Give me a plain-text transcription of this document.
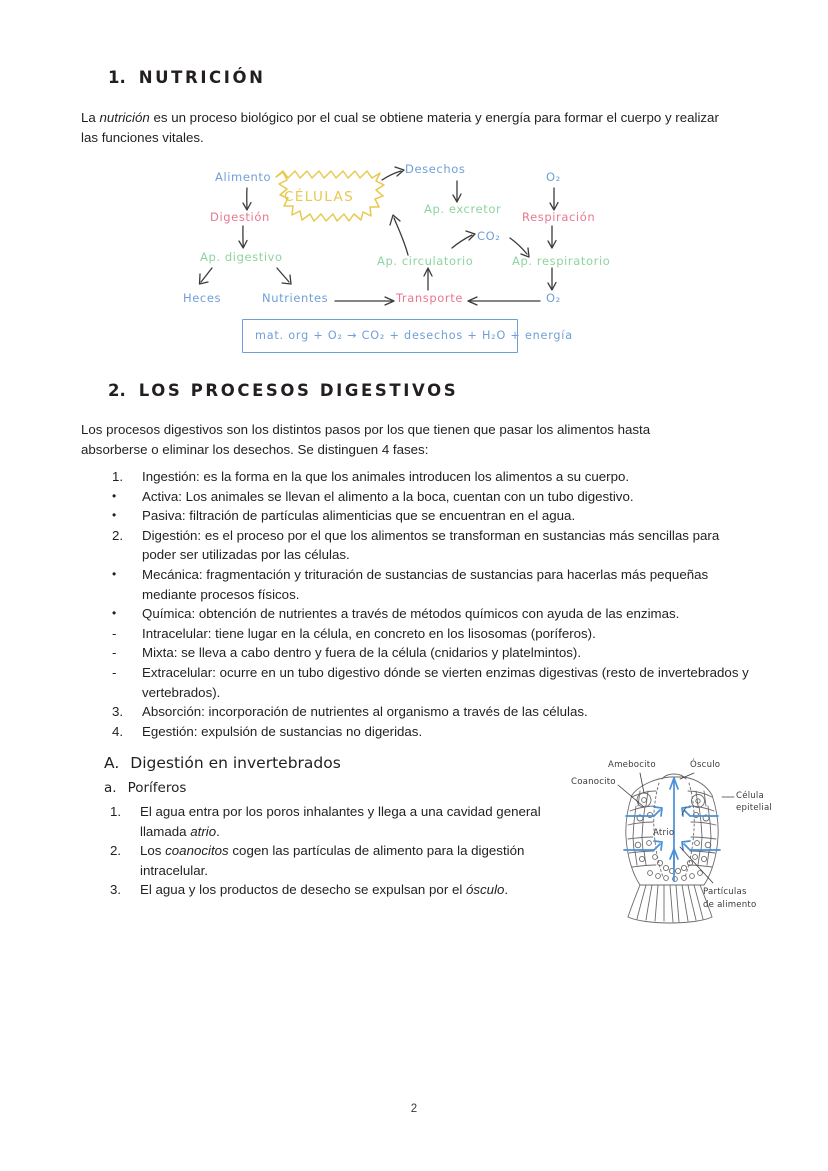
1. NUTRICIÓN
La nutrición es un proceso biológico por el cual se obtiene materia y energía para formar el cuerpo y realizar las funciones vitales.
Alimento
Digestión
Ap. digestivo
Heces	Nutrientes
CÉLULAS
Desechos
Ap. excretor
Ap. circulatorio
Transporte
CO₂
O₂
Respiración
Ap. respiratorio
O₂
mat. org + O₂ → CO₂ + desechos + H₂O + energía
2. LOS PROCESOS DIGESTIVOS
Los procesos digestivos son los distintos pasos por los que tienen que pasar los alimentos hasta absorberse o eliminar los desechos. Se distinguen 4 fases:
1.	Ingestión: es la forma en la que los animales introducen los alimentos a su cuerpo.
•	Activa: Los animales se llevan el alimento a la boca, cuentan con un tubo digestivo.
•	Pasiva: filtración de partículas alimenticias que se encuentran en el agua.
2.	Digestión: es el proceso por el que los alimentos se transforman en sustancias más sencillas para poder ser utilizadas por las células.
•	Mecánica: fragmentación y trituración de sustancias de sustancias para hacerlas más pequeñas mediante procesos físicos.
•	Química: obtención de nutrientes a través de métodos químicos con ayuda de las enzimas.
-	Intracelular: tiene lugar en la célula, en concreto en los lisosomas (poríferos).
-	Mixta: se lleva a cabo dentro y fuera de la célula (cnidarios y platelmintos).
-	Extracelular: ocurre en un tubo digestivo dónde se vierten enzimas digestivas (resto de invertebrados y vertebrados).
3.	Absorción: incorporación de nutrientes al organismo a través de las células.
4.	Egestión: expulsión de sustancias no digeridas.
A. Digestión en invertebrados
a. Poríferos
1.	El agua entra por los poros inhalantes y llega a una cavidad general llamada atrio.
2.	Los coanocitos cogen las partículas de alimento para la digestión intracelular.
3.	El agua y los productos de desecho se expulsan por el ósculo.
Amebocito	Ósculo
Coanocito
Célula
epitelial
Atrio
Partículas
de alimento
2
